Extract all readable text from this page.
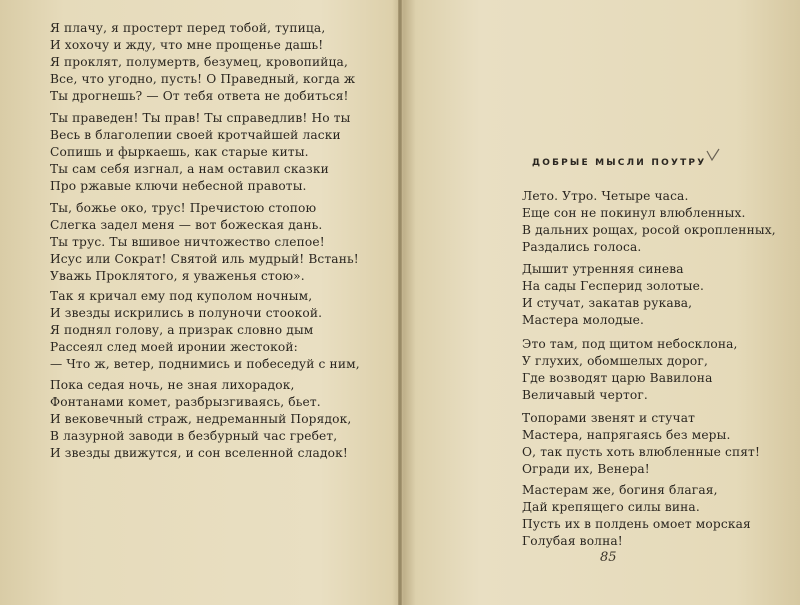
Я плачу, я простерт перед тобой, тупица,
И хохочу и жду, что мне прощенье дашь!
Я проклят, полумертв, безумец, кровопийца,
Все, что угодно, пусть! О Праведный, когда ж
Ты дрогнешь? — От тебя ответа не добиться!
Ты праведен! Ты прав! Ты справедлив! Но ты
Весь в благолепии своей кротчайшей ласки
Сопишь и фыркаешь, как старые киты.
Ты сам себя изгнал, а нам оставил сказки
Про ржавые ключи небесной правоты.
Ты, божье око, трус! Пречистою стопою
Слегка задел меня — вот божеская дань.
Ты трус. Ты вшивое ничтожество слепое!
Исус или Сократ! Святой иль мудрый! Встань!
Уважь Проклятого, я уваженья стою».
Так я кричал ему под куполом ночным,
И звезды искрились в полуночи стоокой.
Я поднял голову, а призрак словно дым
Рассеял след моей иронии жестокой:
— Что ж, ветер, поднимись и побеседуй с ним,
Пока седая ночь, не зная лихорадок,
Фонтанами комет, разбрызгиваясь, бьет.
И вековечный страж, недреманный Порядок,
В лазурной заводи в безбурный час гребет,
И звезды движутся, и сон вселенной сладок!
ДОБРЫЕ МЫСЛИ ПОУТРУ
Лето. Утро. Четыре часа.
Еще сон не покинул влюбленных.
В дальних рощах, росой окропленных,
Раздались голоса.
Дышит утренняя синева
На сады Гесперид золотые.
И стучат, закатав рукава,
Мастера молодые.
Это там, под щитом небосклона,
У глухих, обомшелых дорог,
Где возводят царю Вавилона
Величавый чертог.
Топорами звенят и стучат
Мастера, напрягаясь без меры.
О, так пусть хоть влюбленные спят!
Огради их, Венера!
Мастерам же, богиня благая,
Дай крепящего силы вина.
Пусть их в полдень омоет морская
Голубая волна!
85
